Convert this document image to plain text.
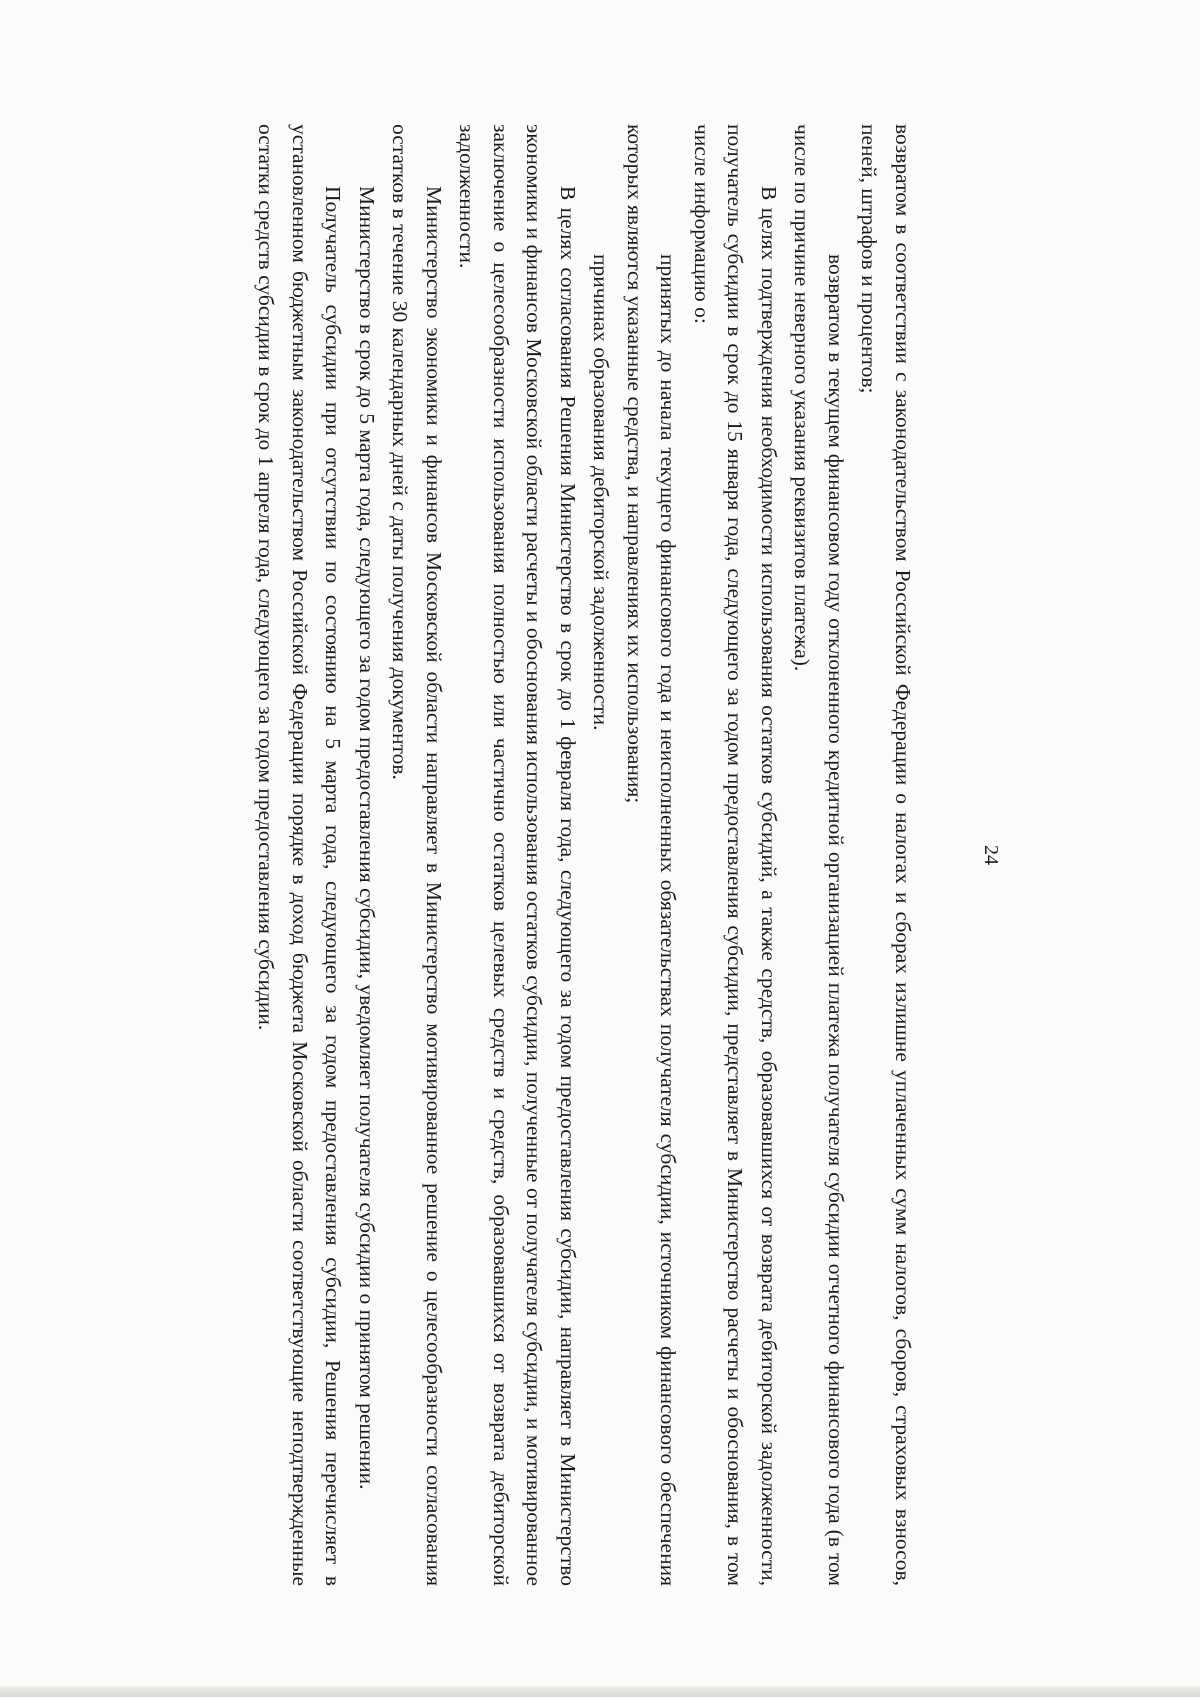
24

возвратом в соответствии с законодательством Российской Федерации о налогах и сборах излишне уплаченных сумм налогов, сборов, страховых взносов, пеней, штрафов и процентов;

возвратом в текущем финансовом году отклоненного кредитной организацией платежа получателя субсидии отчетного финансового года (в том числе по причине неверного указания реквизитов платежа).

В целях подтверждения необходимости использования остатков субсидий, а также средств, образовавшихся от возврата дебиторской задолженности, получатель субсидии в срок до 15 января года, следующего за годом предоставления субсидии, представляет в Министерство расчеты и обоснования, в том числе информацию о:

принятых до начала текущего финансового года и неисполненных обязательствах получателя субсидии, источником финансового обеспечения которых являются указанные средства, и направлениях их использования;

причинах образования дебиторской задолженности.

В целях согласования Решения Министерство в срок до 1 февраля года, следующего за годом предоставления субсидии, направляет в Министерство экономики и финансов Московской области расчеты и обоснования использования остатков субсидии, полученные от получателя субсидии, и мотивированное заключение о целесообразности использования полностью или частично остатков целевых средств и средств, образовавшихся от возврата дебиторской задолженности.

Министерство экономики и финансов Московской области направляет в Министерство мотивированное решение о целесообразности согласования остатков в течение 30 календарных дней с даты получения документов.

Министерство в срок до 5 марта года, следующего за годом предоставления субсидии, уведомляет получателя субсидии о принятом решении.

Получатель субсидии при отсутствии по состоянию на 5 марта года, следующего за годом предоставления субсидии, Решения перечисляет в установленном бюджетным законодательством Российской Федерации порядке в доход бюджета Московской области соответствующие неподтвержденные остатки средств субсидии в срок до 1 апреля года, следующего за годом предоставления субсидии.
